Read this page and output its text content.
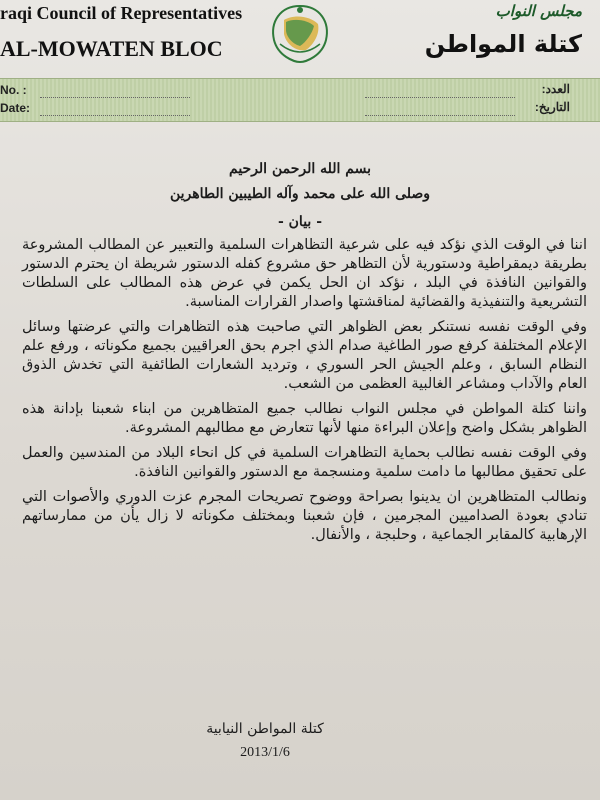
raqi Council of Representatives
AL-MOWATEN BLOC
مجلس النواب
كتلة المواطن
No. :
Date:
العدد:
التاريخ:
بسم الله الرحمن الرحيم
وصلى الله على محمد وآله الطيبين الطاهرين
- بيان -

اننا في الوقت الذي نؤكد فيه على شرعية التظاهرات السلمية والتعبير عن المطالب المشروعة بطريقة ديمقراطية ودستورية لأن التظاهر حق مشروع كفله الدستور شريطة ان يحترم الدستور والقوانين النافذة في البلد ، نؤكد ان الحل يكمن في عرض هذه المطالب على السلطات التشريعية والتنفيذية والقضائية لمناقشتها واصدار القرارات المناسبة.

وفي الوقت نفسه نستنكر بعض الظواهر التي صاحبت هذه التظاهرات والتي عرضتها وسائل الإعلام المختلفة كرفع صور الطاغية صدام الذي اجرم بحق العراقيين بجميع مكوناته ، ورفع علم النظام السابق ، وعلم الجيش الحر السوري ، وترديد الشعارات الطائفية التي تخدش الذوق العام والآداب ومشاعر الغالبية العظمى من الشعب.

واننا كتلة المواطن في مجلس النواب نطالب جميع المتظاهرين من ابناء شعبنا بإدانة هذه الظواهر بشكل واضح وإعلان البراءة منها لأنها تتعارض مع مطالبهم المشروعة.

وفي الوقت نفسه نطالب بحماية التظاهرات السلمية في كل انحاء البلاد من المندسين والعمل على تحقيق مطالبها ما دامت سلمية ومنسجمة مع الدستور والقوانين النافذة.

ونطالب المتظاهرين ان يدينوا بصراحة ووضوح تصريحات المجرم عزت الدوري والأصوات التي تنادي بعودة الصداميين المجرمين ، فإن شعبنا وبمختلف مكوناته لا زال يأن من ممارساتهم الإرهابية كالمقابر الجماعية ، وحلبجة ، والأنفال.

كتلة المواطن النيابية
2013/1/6
